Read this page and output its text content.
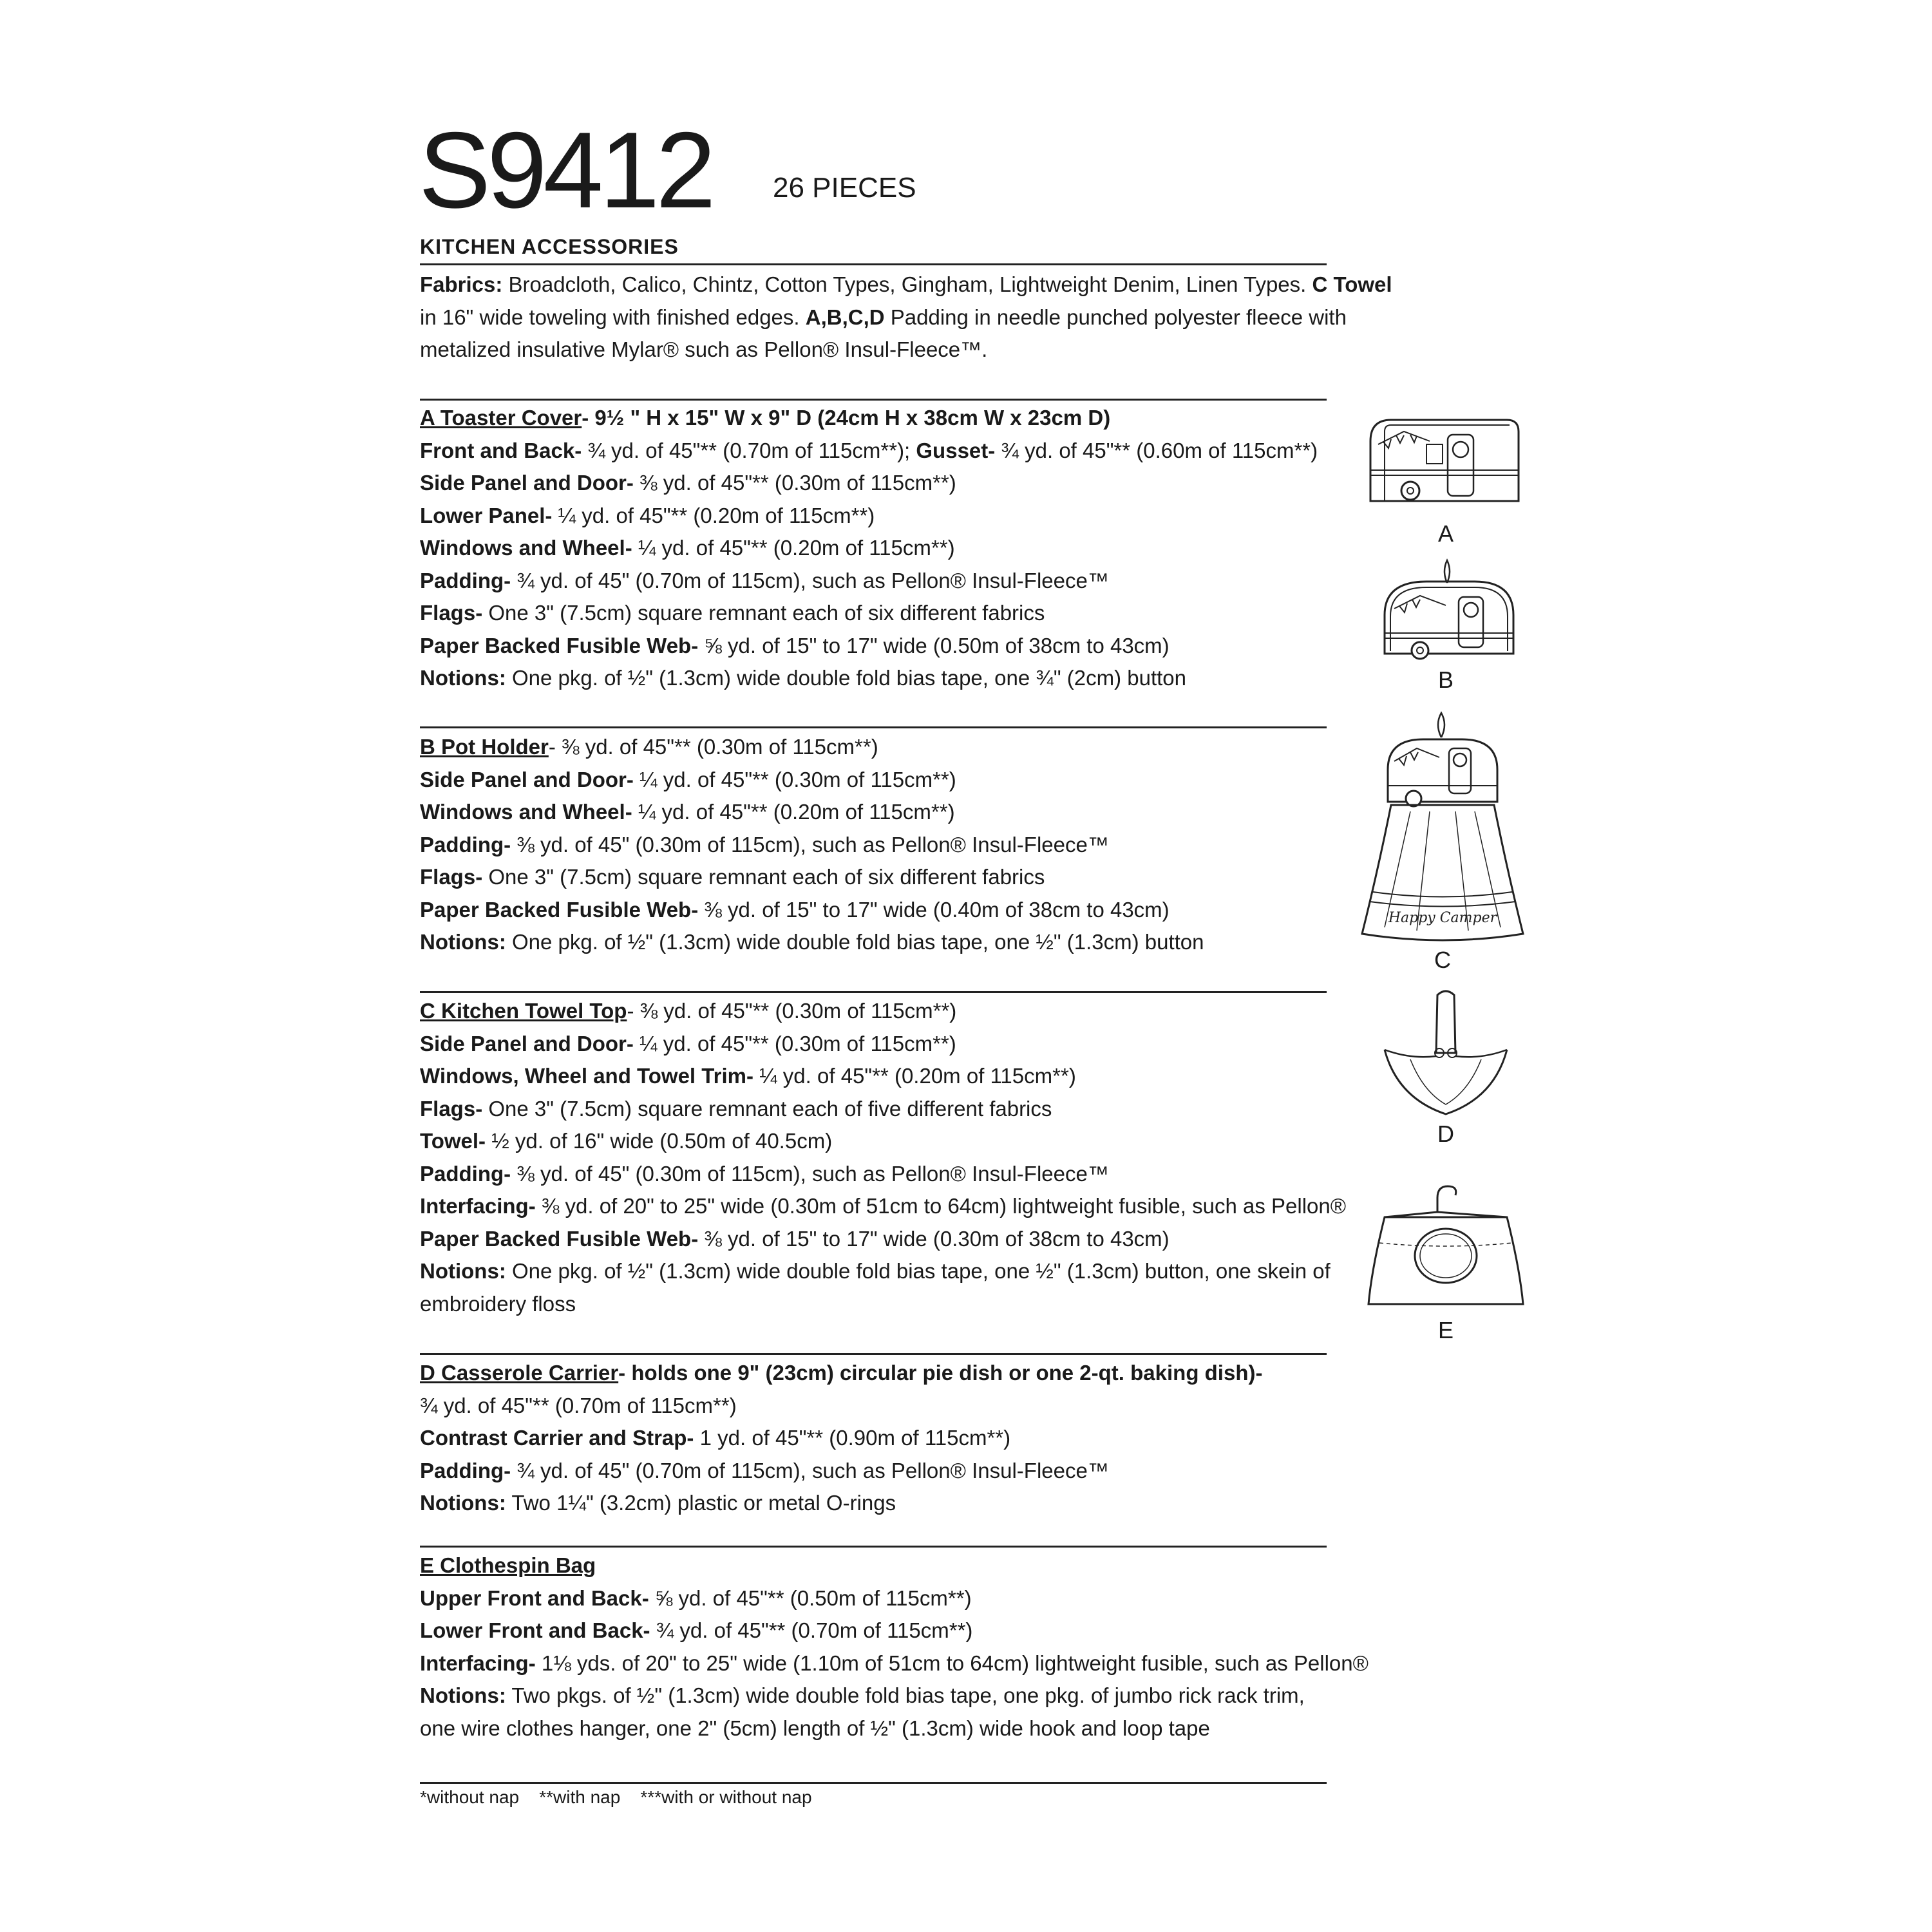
S9412 26 PIECES
KITCHEN ACCESSORIES
Fabrics: Broadcloth, Calico, Chintz, Cotton Types, Gingham, Lightweight Denim, Linen Types. C Towel
in 16" wide toweling with finished edges. A,B,C,D Padding in needle punched polyester fleece with
metalized insulative Mylar® such as Pellon® Insul-Fleece™.
A Toaster Cover- 9½ " H x 15" W x 9" D (24cm H x 38cm W x 23cm D)
Front and Back- ¾ yd. of 45"** (0.70m of 115cm**); Gusset- ¾ yd. of 45"** (0.60m of 115cm**)
Side Panel and Door- ⅜ yd. of 45"** (0.30m of 115cm**)
Lower Panel- ¼ yd. of 45"** (0.20m of 115cm**)
Windows and Wheel- ¼ yd. of 45"** (0.20m of 115cm**)
Padding- ¾ yd. of 45" (0.70m of 115cm), such as Pellon® Insul-Fleece™
Flags- One 3" (7.5cm) square remnant each of six different fabrics
Paper Backed Fusible Web- ⅝ yd. of 15" to 17" wide (0.50m of 38cm to 43cm)
Notions: One pkg. of ½" (1.3cm) wide double fold bias tape, one ¾" (2cm) button
B Pot Holder- ⅜ yd. of 45"** (0.30m of 115cm**)
Side Panel and Door- ¼ yd. of 45"** (0.30m of 115cm**)
Windows and Wheel- ¼ yd. of 45"** (0.20m of 115cm**)
Padding- ⅜ yd. of 45" (0.30m of 115cm), such as Pellon® Insul-Fleece™
Flags- One 3" (7.5cm) square remnant each of six different fabrics
Paper Backed Fusible Web- ⅜ yd. of 15" to 17" wide (0.40m of 38cm to 43cm)
Notions: One pkg. of ½" (1.3cm) wide double fold bias tape, one ½" (1.3cm) button
C Kitchen Towel Top- ⅜ yd. of 45"** (0.30m of 115cm**)
Side Panel and Door- ¼ yd. of 45"** (0.30m of 115cm**)
Windows, Wheel and Towel Trim- ¼ yd. of 45"** (0.20m of 115cm**)
Flags- One 3" (7.5cm) square remnant each of five different fabrics
Towel- ½ yd. of 16" wide (0.50m of 40.5cm)
Padding- ⅜ yd. of 45" (0.30m of 115cm), such as Pellon® Insul-Fleece™
Interfacing- ⅜ yd. of 20" to 25" wide (0.30m of 51cm to 64cm) lightweight fusible, such as Pellon®
Paper Backed Fusible Web- ⅜ yd. of 15" to 17" wide (0.30m of 38cm to 43cm)
Notions: One pkg. of ½" (1.3cm) wide double fold bias tape, one ½" (1.3cm) button, one skein of
embroidery floss
D Casserole Carrier- holds one 9" (23cm) circular pie dish or one 2-qt. baking dish)-
¾ yd. of 45"** (0.70m of 115cm**)
Contrast Carrier and Strap- 1 yd. of 45"** (0.90m of 115cm**)
Padding- ¾ yd. of 45" (0.70m of 115cm), such as Pellon® Insul-Fleece™
Notions: Two 1¼" (3.2cm) plastic or metal O-rings
E Clothespin Bag
Upper Front and Back- ⅝ yd. of 45"** (0.50m of 115cm**)
Lower Front and Back- ¾ yd. of 45"** (0.70m of 115cm**)
Interfacing- 1⅛ yds. of 20" to 25" wide (1.10m of 51cm to 64cm) lightweight fusible, such as Pellon®
Notions: Two pkgs. of ½" (1.3cm) wide double fold bias tape, one pkg. of jumbo rick rack trim,
one wire clothes hanger, one 2" (5cm) length of ½" (1.3cm) wide hook and loop tape
*without nap    **with nap    ***with or without nap
A
B
Happy Camper
C
D
E
